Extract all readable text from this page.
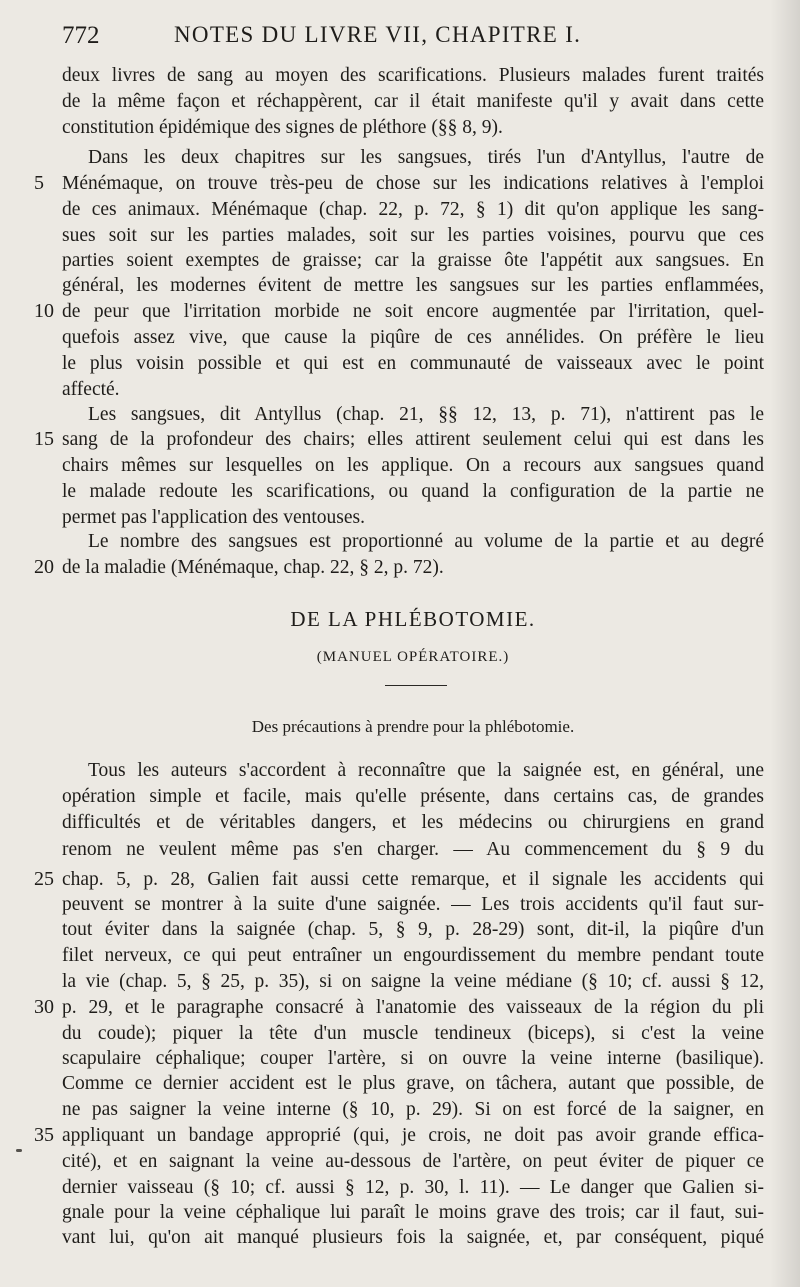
772	NOTES DU LIVRE VII, CHAPITRE I.
5
10
15
20
25
30
35
deux livres de sang au moyen des scarifications. Plusieurs malades furent traités
de la même façon et réchappèrent, car il était manifeste qu'il y avait dans cette
constitution épidémique des signes de pléthore (§§ 8, 9).
Dans les deux chapitres sur les sangsues, tirés l'un d'Antyllus, l'autre de
Ménémaque, on trouve très-peu de chose sur les indications relatives à l'emploi
de ces animaux. Ménémaque (chap. 22, p. 72, § 1) dit qu'on applique les sang-
sues soit sur les parties malades, soit sur les parties voisines, pourvu que ces
parties soient exemptes de graisse; car la graisse ôte l'appétit aux sangsues. En
général, les modernes évitent de mettre les sangsues sur les parties enflammées,
de peur que l'irritation morbide ne soit encore augmentée par l'irritation, quel-
quefois assez vive, que cause la piqûre de ces annélides. On préfère le lieu
le plus voisin possible et qui est en communauté de vaisseaux avec le point
affecté.
Les sangsues, dit Antyllus (chap. 21, §§ 12, 13, p. 71), n'attirent pas le
sang de la profondeur des chairs; elles attirent seulement celui qui est dans les
chairs mêmes sur lesquelles on les applique. On a recours aux sangsues quand
le malade redoute les scarifications, ou quand la configuration de la partie ne
permet pas l'application des ventouses.
Le nombre des sangsues est proportionné au volume de la partie et au degré
de la maladie (Ménémaque, chap. 22, § 2, p. 72).
DE LA PHLÉBOTOMIE.
(MANUEL OPÉRATOIRE.)
Des précautions à prendre pour la phlébotomie.
Tous les auteurs s'accordent à reconnaître que la saignée est, en général, une
opération simple et facile, mais qu'elle présente, dans certains cas, de grandes
difficultés et de véritables dangers, et les médecins ou chirurgiens en grand
renom ne veulent même pas s'en charger. — Au commencement du § 9 du
chap. 5, p. 28, Galien fait aussi cette remarque, et il signale les accidents qui
peuvent se montrer à la suite d'une saignée. — Les trois accidents qu'il faut sur-
tout éviter dans la saignée (chap. 5, § 9, p. 28-29) sont, dit-il, la piqûre d'un
filet nerveux, ce qui peut entraîner un engourdissement du membre pendant toute
la vie (chap. 5, § 25, p. 35), si on saigne la veine médiane (§ 10; cf. aussi § 12,
p. 29, et le paragraphe consacré à l'anatomie des vaisseaux de la région du pli
du coude); piquer la tête d'un muscle tendineux (biceps), si c'est la veine
scapulaire céphalique; couper l'artère, si on ouvre la veine interne (basilique).
Comme ce dernier accident est le plus grave, on tâchera, autant que possible, de
ne pas saigner la veine interne (§ 10, p. 29). Si on est forcé de la saigner, en
appliquant un bandage approprié (qui, je crois, ne doit pas avoir grande effica-
cité), et en saignant la veine au-dessous de l'artère, on peut éviter de piquer ce
dernier vaisseau (§ 10; cf. aussi § 12, p. 30, l. 11). — Le danger que Galien si-
gnale pour la veine céphalique lui paraît le moins grave des trois; car il faut, sui-
vant lui, qu'on ait manqué plusieurs fois la saignée, et, par conséquent, piqué
